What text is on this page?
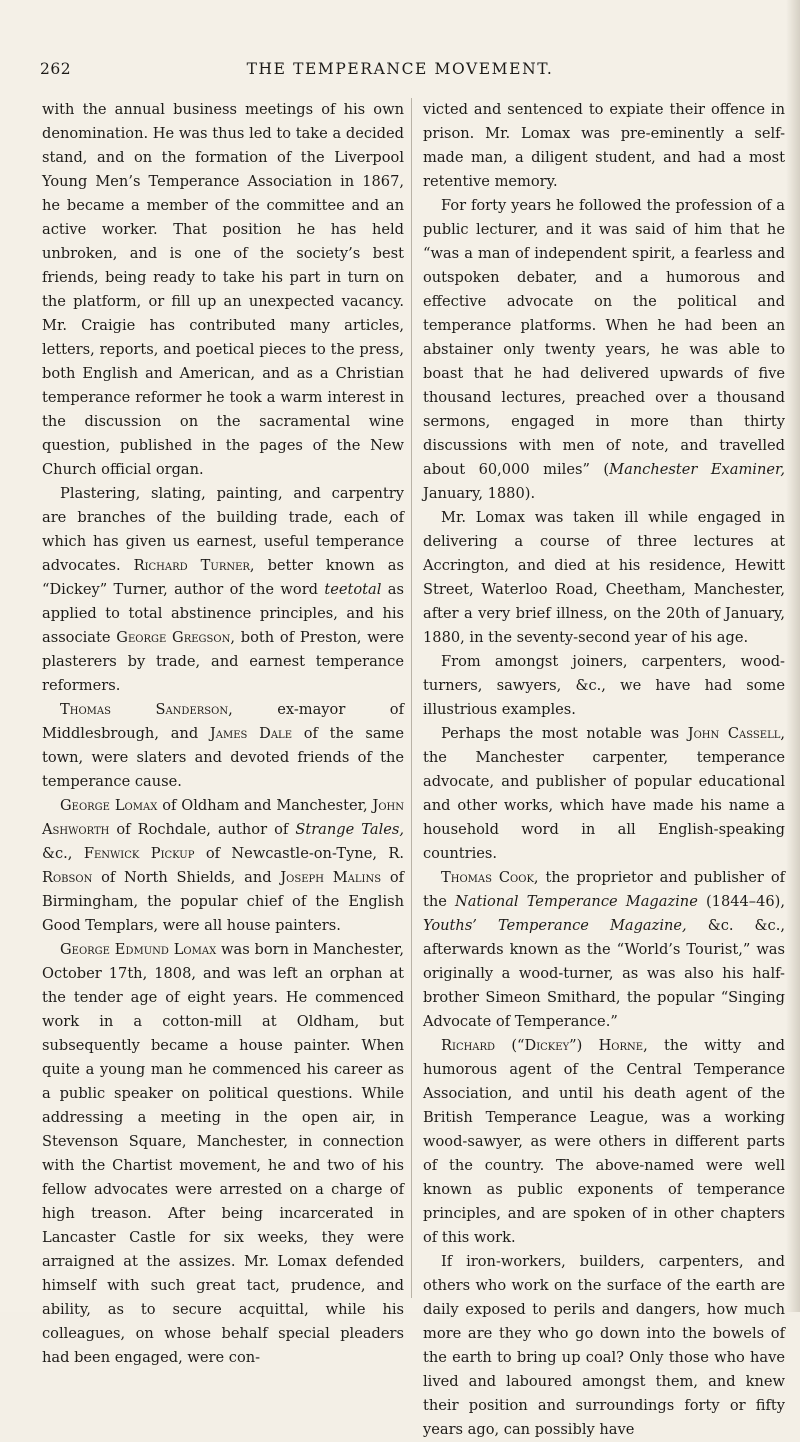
262	THE TEMPERANCE MOVEMENT.

with the annual business meetings of his own denomination. He was thus led to take a decided stand, and on the formation of the Liverpool Young Men’s Temperance Association in 1867, he became a member of the committee and an active worker. That position he has held unbroken, and is one of the society’s best friends, being ready to take his part in turn on the platform, or fill up an unexpected vacancy. Mr. Craigie has contributed many articles, letters, reports, and poetical pieces to the press, both English and American, and as a Christian temperance reformer he took a warm interest in the discussion on the sacramental wine question, published in the pages of the New Church official organ.

Plastering, slating, painting, and carpentry are branches of the building trade, each of which has given us earnest, useful temperance advocates. Richard Turner, better known as “Dickey” Turner, author of the word teetotal as applied to total abstinence principles, and his associate George Gregson, both of Preston, were plasterers by trade, and earnest temperance reformers.

Thomas Sanderson,	ex-mayor of Middlesbrough, and James Dale of the same town, were slaters and devoted friends of the temperance cause.

George Lomax of Oldham and Manchester, John Ashworth of Rochdale, author of Strange Tales, &c., Fenwick Pickup of Newcastle-on-Tyne, R. Robson of North Shields, and Joseph Malins of Birmingham, the popular chief of the English Good Templars, were all house painters.

George Edmund Lomax was born in Manchester, October 17th, 1808, and was left an orphan at the tender age of eight years. He commenced work in a cotton-mill at Oldham, but subsequently became a house painter. When quite a young man he commenced his career as a public speaker on political questions. While addressing a meeting in the open air, in Stevenson Square, Manchester, in connection with the Chartist movement, he and two of his fellow advocates were arrested on a charge of high treason. After being incarcerated in Lancaster Castle for six weeks, they were arraigned at the assizes. Mr. Lomax defended himself with such great tact, prudence, and ability, as to secure acquittal, while his colleagues, on whose behalf special pleaders had been engaged, were con-

victed and sentenced to expiate their offence in prison. Mr. Lomax was pre-eminently a self-made man, a diligent student, and had a most retentive memory.

For forty years he followed the profession of a public lecturer, and it was said of him that he “was a man of independent spirit, a fearless and outspoken debater, and a humorous and effective advocate on the political and temperance platforms. When he had been an abstainer only twenty years, he was able to boast that he had delivered upwards of five thousand lectures, preached over a thousand sermons, engaged in more than thirty discussions with men of note, and travelled about 60,000 miles” (Manchester Examiner, January, 1880).

Mr. Lomax was taken ill while engaged in delivering a course of three lectures at Accrington, and died at his residence, Hewitt Street, Waterloo Road, Cheetham, Manchester, after a very brief illness, on the 20th of January, 1880, in the seventy-second year of his age.

From amongst joiners, carpenters, wood-turners, sawyers, &c., we have had some illustrious examples.

Perhaps the most notable was John Cassell, the Manchester carpenter, temperance advocate, and publisher of popular educational and other works, which have made his name a household word in all English-speaking countries.

Thomas Cook, the proprietor and publisher of the National Temperance Magazine (1844–46), Youths’ Temperance Magazine, &c. &c., afterwards known as the “World’s Tourist,” was originally a wood-turner, as was also his half-brother Simeon Smithard, the popular “Singing Advocate of Temperance.”

Richard (“Dickey”) Horne, the witty and humorous agent of the Central Temperance Association, and until his death agent of the British Temperance League, was a working wood-sawyer, as were others in different parts of the country. The above-named were well known as public exponents of temperance principles, and are spoken of in other chapters of this work.

If iron-workers, builders, carpenters, and others who work on the surface of the earth are daily exposed to perils and dangers, how much more are they who go down into the bowels of the earth to bring up coal? Only those who have lived and laboured amongst them, and knew their position and surroundings forty or fifty years ago, can possibly have
